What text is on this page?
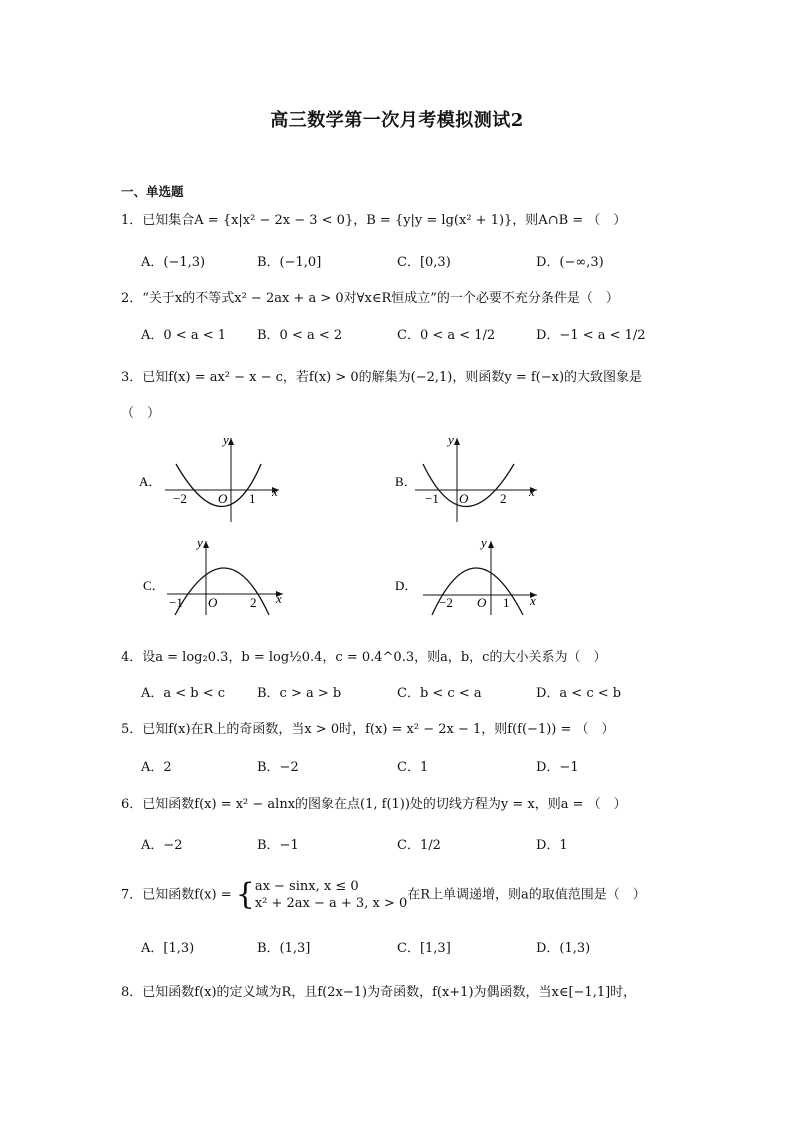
高三数学第一次月考模拟测试2
一、单选题
1．已知集合A = {x|x² − 2x − 3 < 0}，B = {y|y = lg(x² + 1)}，则A∩B = （　）
A．(−1,3)	B．(−1,0]	C．[0,3)	D．(−∞,3)
2．“关于x的不等式x² − 2ax + a > 0对∀x∈R恒成立”的一个必要不充分条件是（　）
A．0 < a < 1 B．0 < a < 2	C．0 < a < 1/2	D．−1 < a < 1/2
3．已知f(x) = ax² − x − c，若f(x) > 0的解集为(−2,1)，则函数y = f(−x)的大致图象是
（　）
A．
y
x
O
−2	1
B．
y
x
O
−1	2
C．
y
x
O
−1	2
D．
y
x
O
−2	1
4．设a = log₂0.3，b = log½0.4，c = 0.4^0.3，则a，b，c的大小关系为（　）
A．a < b < c B．c > a > b	C．b < c < a	D．a < c < b
5．已知f(x)在R上的奇函数，当x > 0时，f(x) = x² − 2x − 1，则f(f(−1)) = （　）
A．2	B．−2	C．1	D．−1
6．已知函数f(x) = x² − alnx的图象在点(1, f(1))处的切线方程为y = x，则a = （　）
A．−2	B．−1	C．1/2	D．1
7．已知函数f(x) = { ax − sinx, x ≤ 0
x² + 2ax − a + 3, x > 0
在R上单调递增，则a的取值范围是（　）
A．[1,3)	B．(1,3]	C．[1,3]	D．(1,3)
8．已知函数f(x)的定义域为R，且f(2x−1)为奇函数，f(x+1)为偶函数，当x∈[−1,1]时，
